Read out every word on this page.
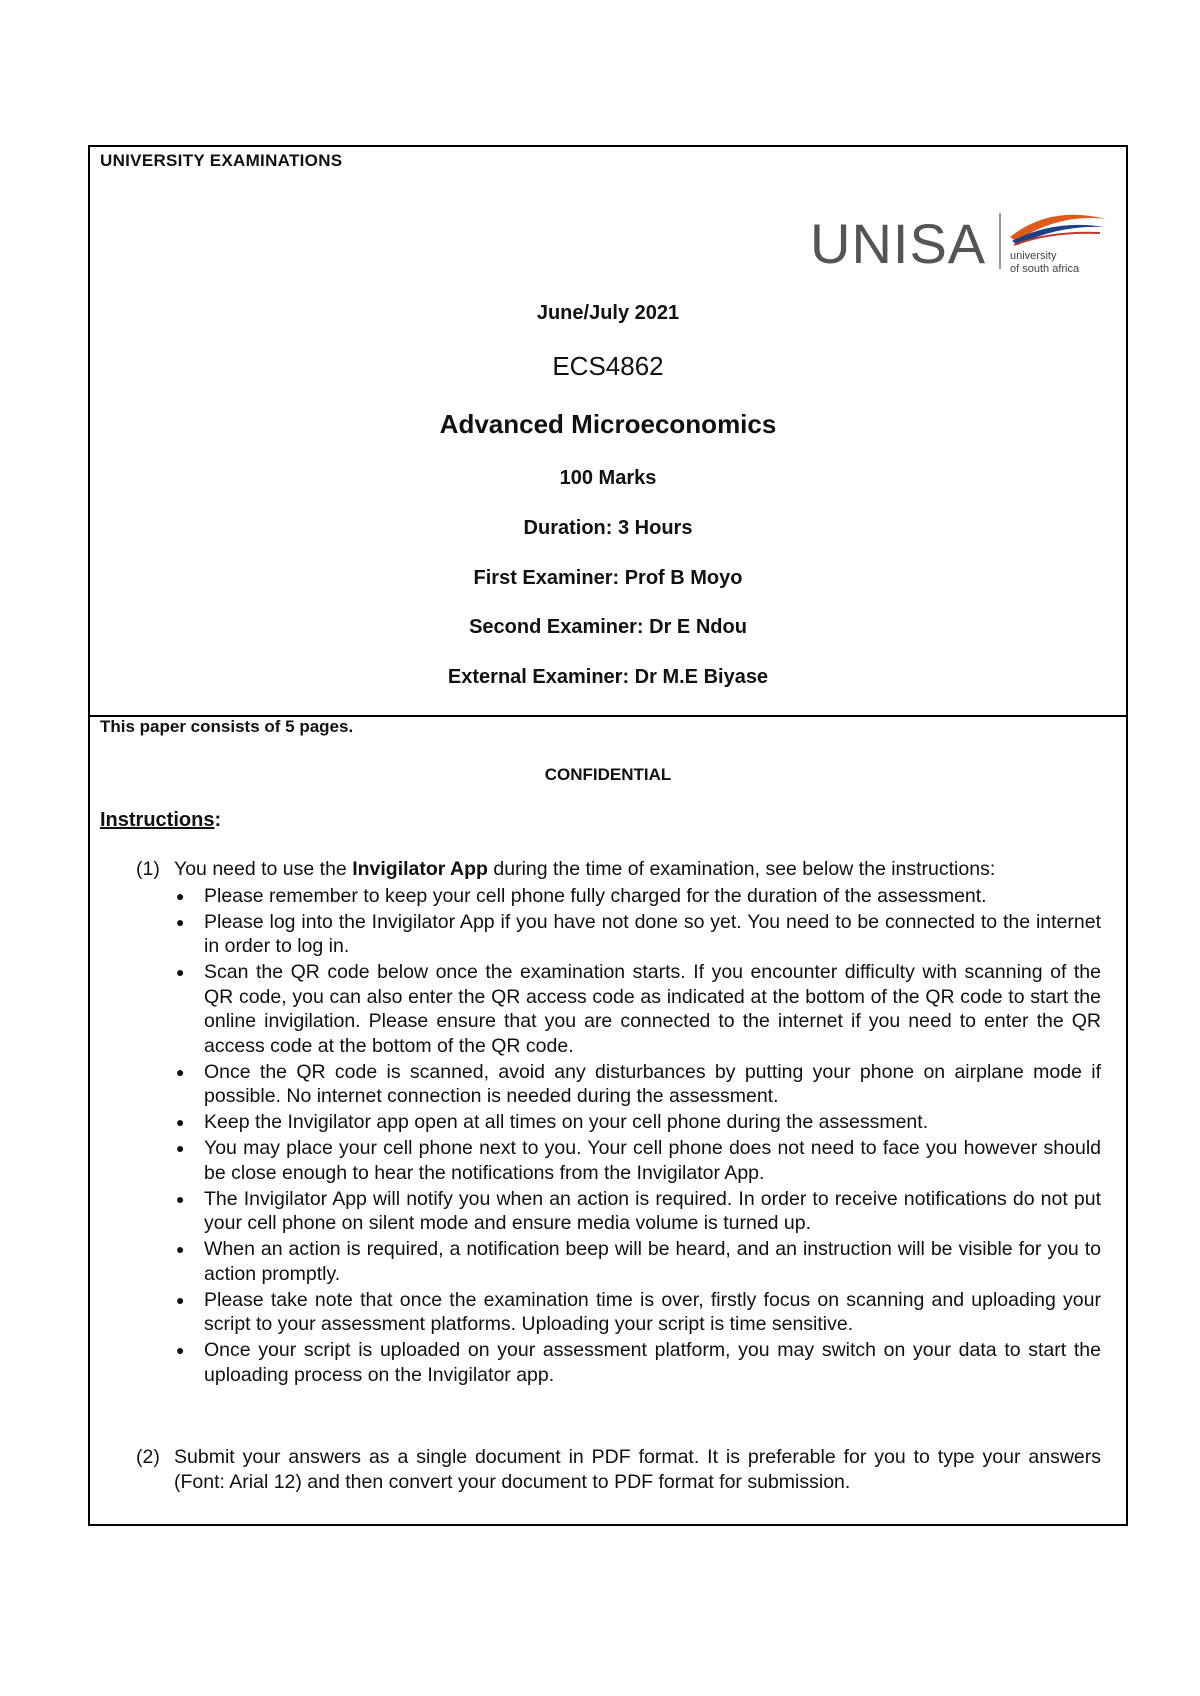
UNIVERSITY EXAMINATIONS
UNISA university
of south africa
June/July 2021
ECS4862
Advanced Microeconomics
100 Marks
Duration: 3 Hours
First Examiner: Prof B Moyo
Second Examiner: Dr E Ndou
External Examiner: Dr M.E Biyase
This paper consists of 5 pages.
CONFIDENTIAL
Instructions:
(1) You need to use the Invigilator App during the time of examination, see below the instructions:
● Please remember to keep your cell phone fully charged for the duration of the assessment.
● Please log into the Invigilator App if you have not done so yet. You need to be connected to the internet in order to log in.
● Scan the QR code below once the examination starts. If you encounter difficulty with scanning of the QR code, you can also enter the QR access code as indicated at the bottom of the QR code to start the online invigilation. Please ensure that you are connected to the internet if you need to enter the QR access code at the bottom of the QR code.
● Once the QR code is scanned, avoid any disturbances by putting your phone on airplane mode if possible. No internet connection is needed during the assessment.
● Keep the Invigilator app open at all times on your cell phone during the assessment.
● You may place your cell phone next to you. Your cell phone does not need to face you however should be close enough to hear the notifications from the Invigilator App.
● The Invigilator App will notify you when an action is required. In order to receive notifications do not put your cell phone on silent mode and ensure media volume is turned up.
● When an action is required, a notification beep will be heard, and an instruction will be visible for you to action promptly.
● Please take note that once the examination time is over, firstly focus on scanning and uploading your script to your assessment platforms. Uploading your script is time sensitive.
● Once your script is uploaded on your assessment platform, you may switch on your data to start the uploading process on the Invigilator app.
(2) Submit your answers as a single document in PDF format. It is preferable for you to type your answers (Font: Arial 12) and then convert your document to PDF format for submission.
